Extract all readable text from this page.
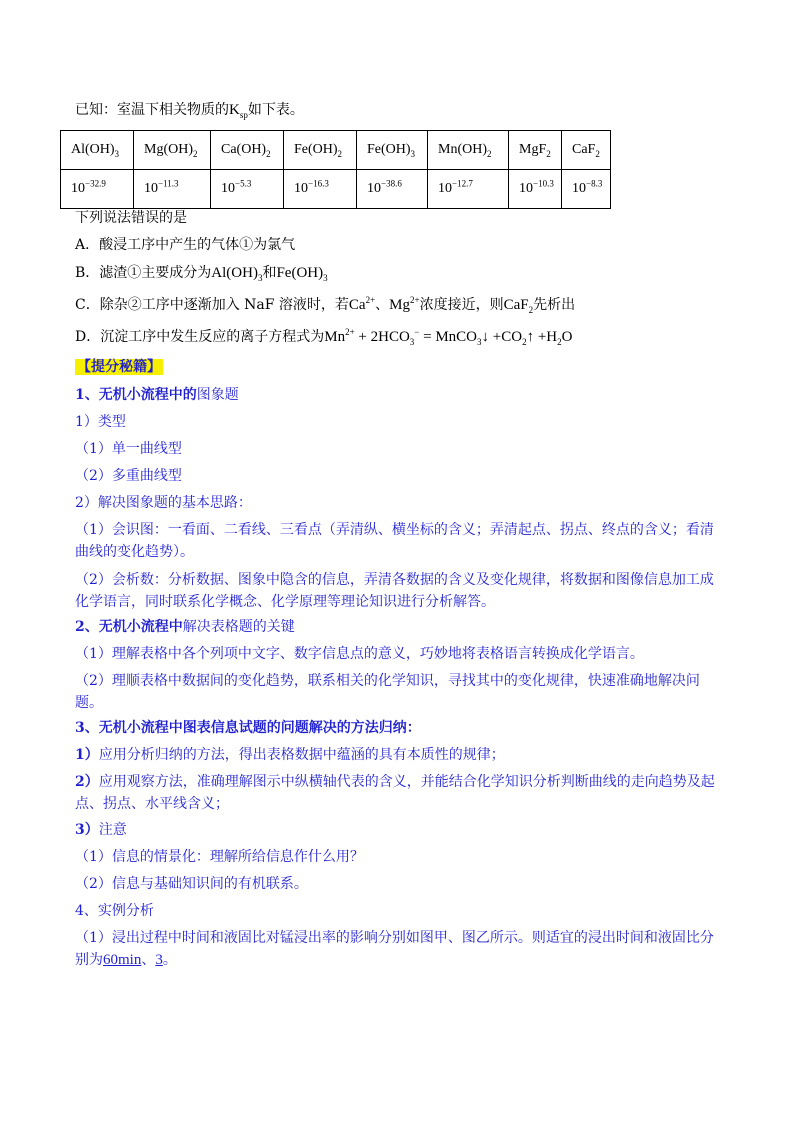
已知：室温下相关物质的$K_{sp}$如下表。
$Al(OH)_3$	$Mg(OH)_2$	$Ca(OH)_2$	$Fe(OH)_2$	$Fe(OH)_3$	$Mn(OH)_2$	MgF$_2$	CaF$_2$
$10^{-32.9}$	$10^{-11.3}$	$10^{-5.3}$	$10^{-16.3}$	$10^{-38.6}$	$10^{-12.7}$	$10^{-10.3}$	$10^{-8.3}$
下列说法错误的是
A．酸浸工序中产生的气体①为氯气
B．滤渣①主要成分为$Al(OH)_3$和$Fe(OH)_3$
C．除杂②工序中逐渐加入 NaF 溶液时，若$Ca^{2+}$、$Mg^{2+}$浓度接近，则CaF$_2$先析出
D．沉淀工序中发生反应的离子方程式为$Mn^{2+} + 2HCO_3^-$ = MnCO$_3$↓ $+CO_2↑ +H_2O$
【提分秘籍】
1、无机小流程中的图象题
1）类型
（1）单一曲线型
（2）多重曲线型
2）解决图象题的基本思路：
（1）会识图：一看面、二看线、三看点（弄清纵、横坐标的含义；弄清起点、拐点、终点的含义；看清
曲线的变化趋势）。
（2）会析数：分析数据、图象中隐含的信息，弄清各数据的含义及变化规律，将数据和图像信息加工成
化学语言，同时联系化学概念、化学原理等理论知识进行分析解答。
2、无机小流程中解决表格题的关键
（1）理解表格中各个列项中文字、数字信息点的意义，巧妙地将表格语言转换成化学语言。
（2）理顺表格中数据间的变化趋势，联系相关的化学知识，寻找其中的变化规律，快速准确地解决问
题。
3、无机小流程中图表信息试题的问题解决的方法归纳：
1）应用分析归纳的方法，得出表格数据中蕴涵的具有本质性的规律；
2）应用观察方法，准确理解图示中纵横轴代表的含义，并能结合化学知识分析判断曲线的走向趋势及起
点、拐点、水平线含义；
3）注意
（1）信息的情景化：理解所给信息作什么用？
（2）信息与基础知识间的有机联系。
4、实例分析
（1）浸出过程中时间和液固比对锰浸出率的影响分别如图甲、图乙所示。则适宜的浸出时间和液固比分
别为60min、3。
